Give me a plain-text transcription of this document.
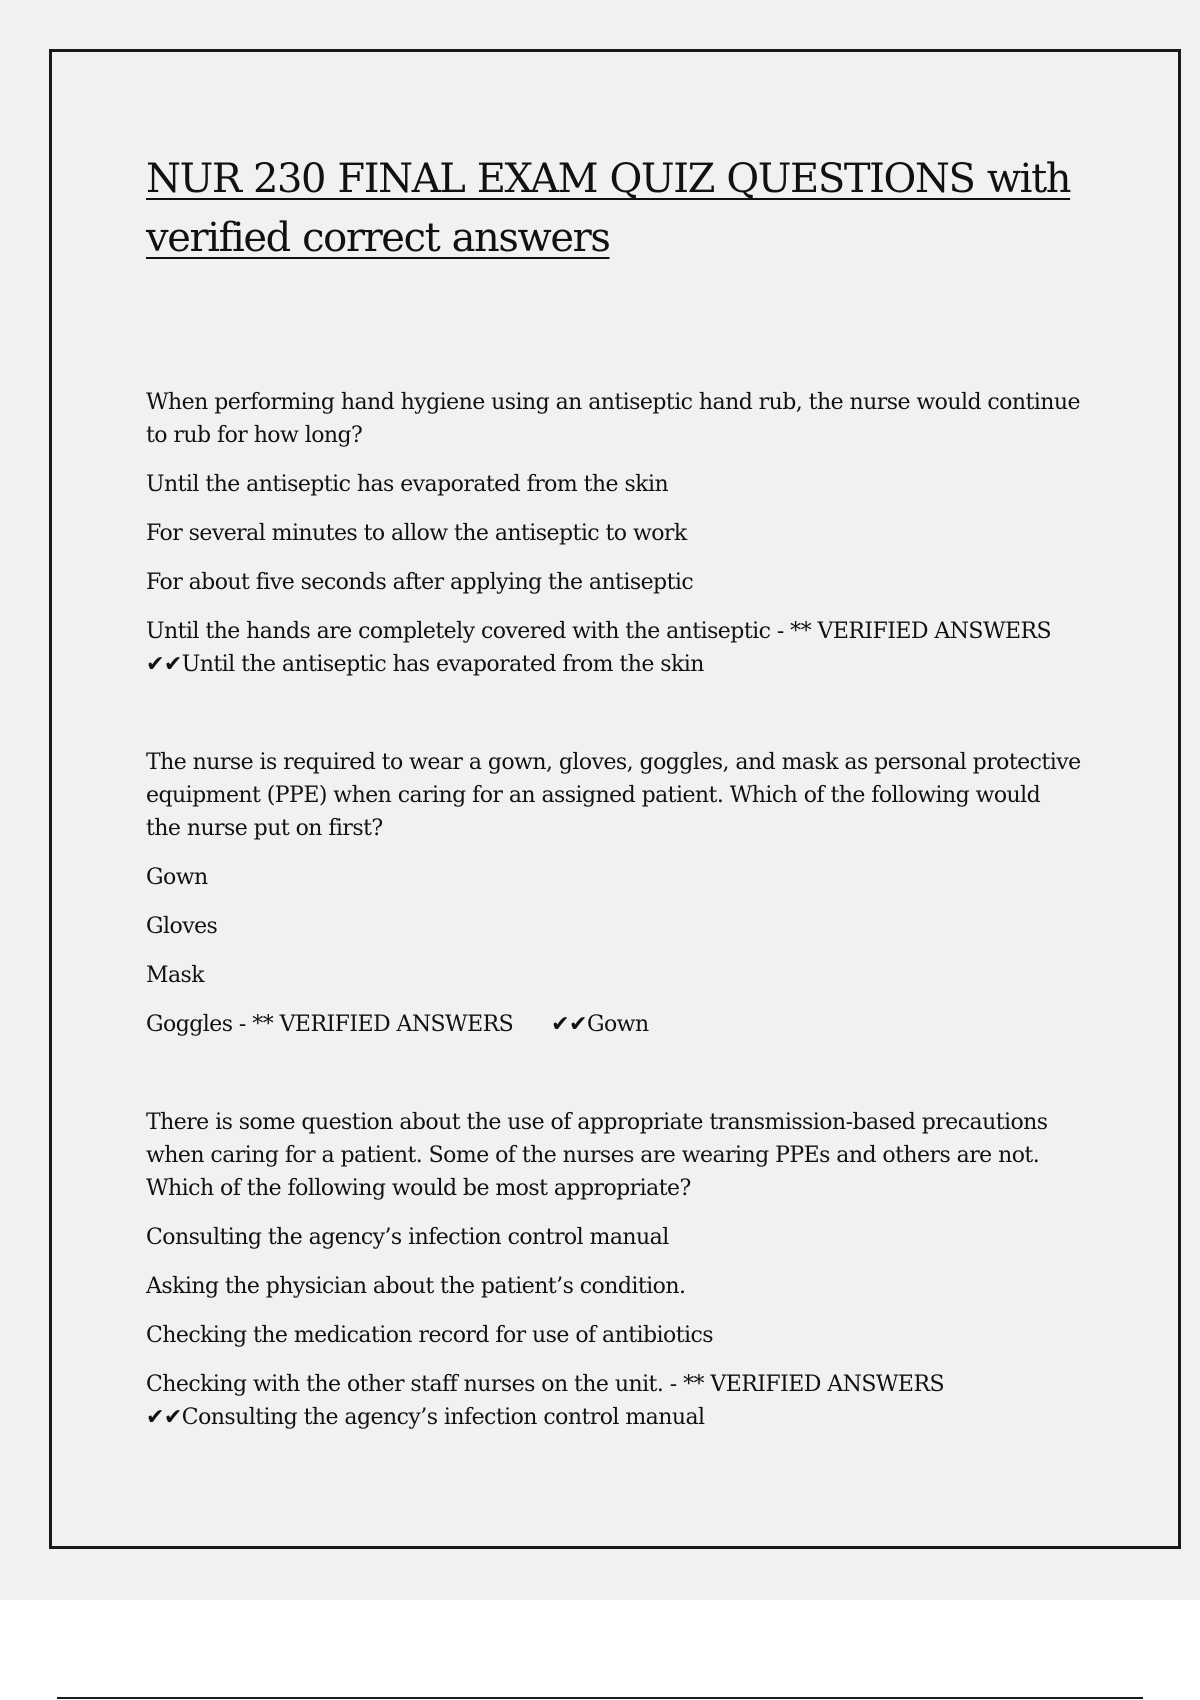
NUR 230 FINAL EXAM QUIZ QUESTIONS with verified correct answers

When performing hand hygiene using an antiseptic hand rub, the nurse would continue to rub for how long?

Until the antiseptic has evaporated from the skin

For several minutes to allow the antiseptic to work

For about five seconds after applying the antiseptic

Until the hands are completely covered with the antiseptic - ** VERIFIED ANSWERS
✔✔Until the antiseptic has evaporated from the skin

The nurse is required to wear a gown, gloves, goggles, and mask as personal protective equipment (PPE) when caring for an assigned patient. Which of the following would the nurse put on first?

Gown

Gloves

Mask

Goggles - ** VERIFIED ANSWERS ✔✔Gown

There is some question about the use of appropriate transmission-based precautions when caring for a patient. Some of the nurses are wearing PPEs and others are not. Which of the following would be most appropriate?

Consulting the agency’s infection control manual

Asking the physician about the patient’s condition.

Checking the medication record for use of antibiotics

Checking with the other staff nurses on the unit. - ** VERIFIED ANSWERS
✔✔Consulting the agency’s infection control manual
